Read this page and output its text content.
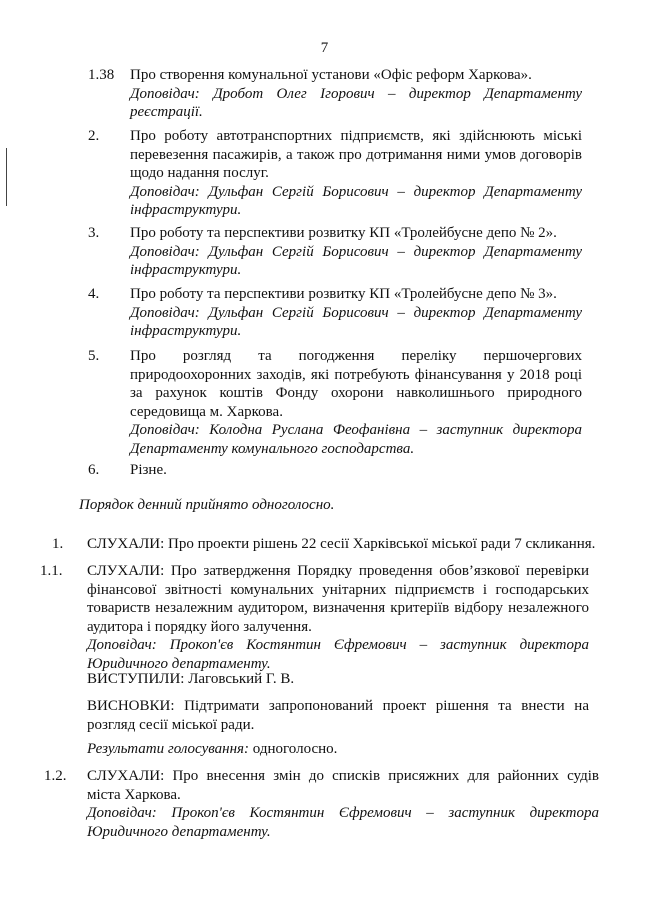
7
1.38 Про створення комунальної установи «Офіс реформ Харкова».
Доповідач: Дробот Олег Ігорович – директор Департаменту
реєстрації.
2. Про роботу автотранспортних підприємств, які здійснюють міські
перевезення пасажирів, а також про дотримання ними умов договорів
щодо надання послуг.
Доповідач: Дульфан Сергій Борисович – директор Департаменту
інфраструктури.
3. Про роботу та перспективи розвитку КП «Тролейбусне депо № 2».
Доповідач: Дульфан Сергій Борисович – директор Департаменту
інфраструктури.
4. Про роботу та перспективи розвитку КП «Тролейбусне депо № 3».
Доповідач: Дульфан Сергій Борисович – директор Департаменту
інфраструктури.
5. Про розгляд та погодження переліку першочергових
природоохоронних заходів, які потребують фінансування у 2018 році
за рахунок коштів Фонду охорони навколишнього природного
середовища м. Харкова.
Доповідач: Колодна Руслана Феофанівна – заступник директора
Департаменту комунального господарства.
6. Різне.
Порядок денний прийнято одноголосно.
1. СЛУХАЛИ: Про проекти рішень 22 сесії Харківської міської ради 7 скликання.
1.1. СЛУХАЛИ: Про затвердження Порядку проведення обов’язкової перевірки
фінансової звітності комунальних унітарних підприємств і господарських
товариств незалежним аудитором, визначення критеріїв відбору незалежного
аудитора і порядку його залучення.
Доповідач: Прокоп'єв Костянтин Єфремович – заступник директора
Юридичного департаменту.
ВИСТУПИЛИ: Лаговський Г. В.
ВИСНОВКИ: Підтримати запропонований проект рішення та внести на
розгляд сесії міської ради.
Результати голосування: одноголосно.
1.2. СЛУХАЛИ: Про внесення змін до списків присяжних для районних судів
міста Харкова.
Доповідач: Прокоп'єв Костянтин Єфремович – заступник директора
Юридичного департаменту.
